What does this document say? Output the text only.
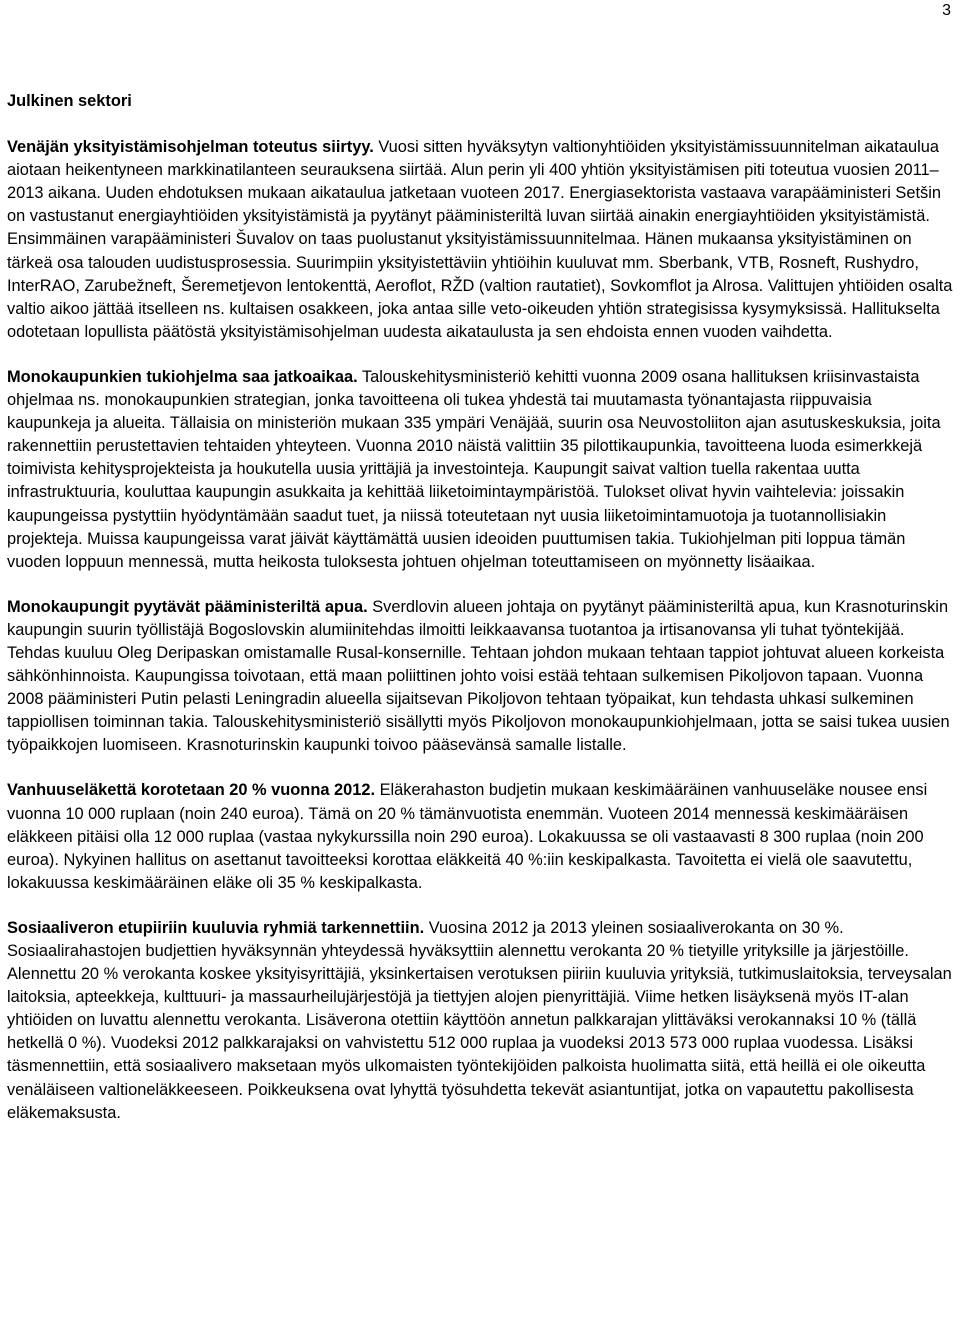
3
Julkinen sektori

Venäjän yksityistämisohjelman toteutus siirtyy. Vuosi sitten hyväksytyn valtionyhtiöiden yksityistämissuunnitelman aikataulua aiotaan heikentyneen markkinatilanteen seurauksena siirtää. Alun perin yli 400 yhtiön yksityistämisen piti toteutua vuosien 2011–2013 aikana. Uuden ehdotuksen mukaan aikataulua jatketaan vuoteen 2017. Energiasektorista vastaava varapääministeri Setšin on vastustanut energiayhtiöiden yksityistämistä ja pyytänyt pääministeriltä luvan siirtää ainakin energiayhtiöiden yksityistämistä. Ensimmäinen varapääministeri Šuvalov on taas puolustanut yksityistämissuunnitelmaa. Hänen mukaansa yksityistäminen on tärkeä osa talouden uudistusprosessia. Suurimpiin yksityistettäviin yhtiöihin kuuluvat mm. Sberbank, VTB, Rosneft, Rushydro, InterRAO, Zarubežneft, Šeremetjevon lentokenttä, Aeroflot, RŽD (valtion rautatiet), Sovkomflot ja Alrosa. Valittujen yhtiöiden osalta valtio aikoo jättää itselleen ns. kultaisen osakkeen, joka antaa sille veto-oikeuden yhtiön strategisissa kysymyksissä. Hallitukselta odotetaan lopullista päätöstä yksityistämisohjelman uudesta aikataulusta ja sen ehdoista ennen vuoden vaihdetta.

Monokaupunkien tukiohjelma saa jatkoaikaa. Talouskehitysministeriö kehitti vuonna 2009 osana hallituksen kriisinvastaista ohjelmaa ns. monokaupunkien strategian, jonka tavoitteena oli tukea yhdestä tai muutamasta työnantajasta riippuvaisia kaupunkeja ja alueita. Tällaisia on ministeriön mukaan 335 ympäri Venäjää, suurin osa Neuvostoliiton ajan asutuskeskuksia, joita rakennettiin perustettavien tehtaiden yhteyteen. Vuonna 2010 näistä valittiin 35 pilottikaupunkia, tavoitteena luoda esimerkkejä toimivista kehitysprojekteista ja houkutella uusia yrittäjiä ja investointeja. Kaupungit saivat valtion tuella rakentaa uutta infrastruktuuria, kouluttaa kaupungin asukkaita ja kehittää liiketoimintaympäristöä. Tulokset olivat hyvin vaihtelevia: joissakin kaupungeissa pystyttiin hyödyntämään saadut tuet, ja niissä toteutetaan nyt uusia liiketoimintamuotoja ja tuotannollisiakin projekteja. Muissa kaupungeissa varat jäivät käyttämättä uusien ideoiden puuttumisen takia. Tukiohjelman piti loppua tämän vuoden loppuun mennessä, mutta heikosta tuloksesta johtuen ohjelman toteuttamiseen on myönnetty lisäaikaa.

Monokaupungit pyytävät pääministeriltä apua. Sverdlovin alueen johtaja on pyytänyt pääministeriltä apua, kun Krasnoturinskin kaupungin suurin työllistäjä Bogoslovskin alumiinitehdas ilmoitti leikkaavansa tuotantoa ja irtisanovansa yli tuhat työntekijää. Tehdas kuuluu Oleg Deripaskan omistamalle Rusal-konsernille. Tehtaan johdon mukaan tehtaan tappiot johtuvat alueen korkeista sähkönhinnoista. Kaupungissa toivotaan, että maan poliittinen johto voisi estää tehtaan sulkemisen Pikoljovon tapaan. Vuonna 2008 pääministeri Putin pelasti Leningradin alueella sijaitsevan Pikoljovon tehtaan työpaikat, kun tehdasta uhkasi sulkeminen tappiollisen toiminnan takia. Talouskehitysministeriö sisällytti myös Pikoljovon monokaupunkiohjelmaan, jotta se saisi tukea uusien työpaikkojen luomiseen. Krasnoturinskin kaupunki toivoo pääsevänsä samalle listalle.

Vanhuuseläkettä korotetaan 20 % vuonna 2012. Eläkerahaston budjetin mukaan keskimääräinen vanhuuseläke nousee ensi vuonna 10 000 ruplaan (noin 240 euroa). Tämä on 20 % tämänvuotista enemmän. Vuoteen 2014 mennessä keskimääräisen eläkkeen pitäisi olla 12 000 ruplaa (vastaa nykykurssilla noin 290 euroa). Lokakuussa se oli vastaavasti 8 300 ruplaa (noin 200 euroa). Nykyinen hallitus on asettanut tavoitteeksi korottaa eläkkeitä 40 %:iin keskipalkasta. Tavoitetta ei vielä ole saavutettu, lokakuussa keskimääräinen eläke oli 35 % keskipalkasta.

Sosiaaliveron etupiiriin kuuluvia ryhmiä tarkennettiin. Vuosina 2012 ja 2013 yleinen sosiaaliverokanta on 30 %. Sosiaalirahastojen budjettien hyväksynnän yhteydessä hyväksyttiin alennettu verokanta 20 % tietyille yrityksille ja järjestöille. Alennettu 20 % verokanta koskee yksityisyrittäjiä, yksinkertaisen verotuksen piiriin kuuluvia yrityksiä, tutkimuslaitoksia, terveysalan laitoksia, apteekkeja, kulttuuri- ja massaurheilujärjestöjä ja tiettyjen alojen pienyrittäjiä. Viime hetken lisäyksenä myös IT-alan yhtiöiden on luvattu alennettu verokanta. Lisäverona otettiin käyttöön annetun palkkarajan ylittäväksi verokannaksi 10 % (tällä hetkellä 0 %). Vuodeksi 2012 palkkarajaksi on vahvistettu 512 000 ruplaa ja vuodeksi 2013 573 000 ruplaa vuodessa. Lisäksi täsmennettiin, että sosiaalivero maksetaan myös ulkomaisten työntekijöiden palkoista huolimatta siitä, että heillä ei ole oikeutta venäläiseen valtioneläkkeeseen. Poikkeuksena ovat lyhyttä työsuhdetta tekevät asiantuntijat, jotka on vapautettu pakollisesta eläkemaksusta.
